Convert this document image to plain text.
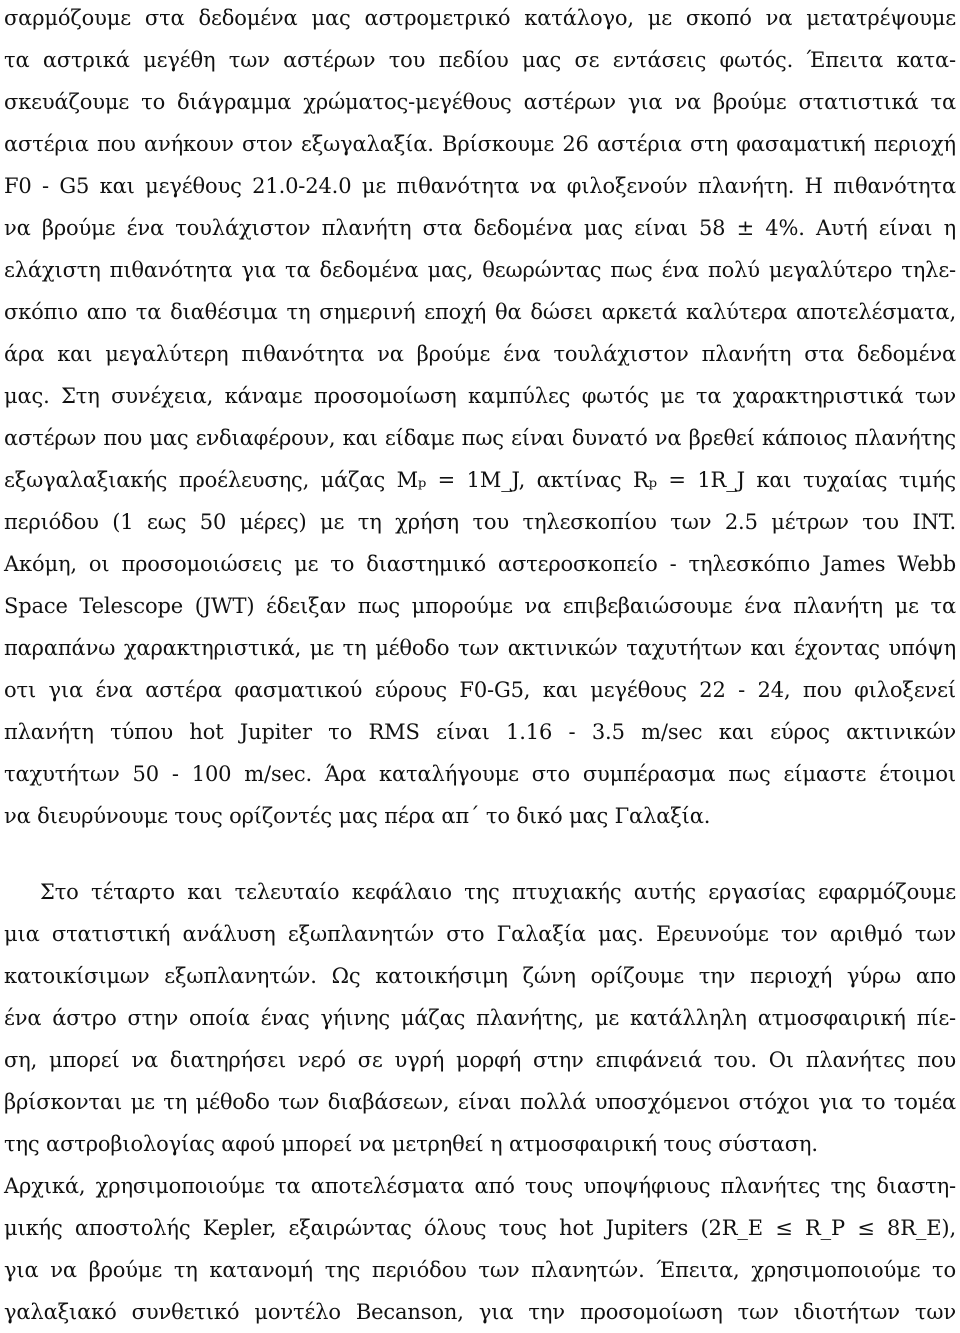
σαρμόζουμε στα δεδομένα μας αστρομετρικό κατάλογο, με σκοπό να μετατρέψουμε
τα αστρικά μεγέθη των αστέρων του πεδίου μας σε εντάσεις φωτός. Έπειτα κατα-
σκευάζουμε το διάγραμμα χρώματος-μεγέθους αστέρων για να βρούμε στατιστικά τα
αστέρια που ανήκουν στον εξωγαλαξία. Βρίσκουμε 26 αστέρια στη φασαματική περιοχή
F0 - G5 και μεγέθους 21.0-24.0 με πιθανότητα να φιλοξενούν πλανήτη. Η πιθανότητα
να βρούμε ένα τουλάχιστον πλανήτη στα δεδομένα μας είναι 58 ± 4%. Αυτή είναι η
ελάχιστη πιθανότητα για τα δεδομένα μας, θεωρώντας πως ένα πολύ μεγαλύτερο τηλε-
σκόπιο απο τα διαθέσιμα τη σημερινή εποχή θα δώσει αρκετά καλύτερα αποτελέσματα,
άρα και μεγαλύτερη πιθανότητα να βρούμε ένα τουλάχιστον πλανήτη στα δεδομένα
μας. Στη συνέχεια, κάναμε προσομοίωση καμπύλες φωτός με τα χαρακτηριστικά των
αστέρων που μας ενδιαφέρουν, και είδαμε πως είναι δυνατό να βρεθεί κάποιος πλανήτης
εξωγαλαξιακής προέλευσης, μάζας Mₚ = 1M_J, ακτίνας Rₚ = 1R_J και τυχαίας τιμής
περιόδου (1 εως 50 μέρες) με τη χρήση του τηλεσκοπίου των 2.5 μέτρων του INT.
Ακόμη, οι προσομοιώσεις με το διαστημικό αστεροσκοπείο - τηλεσκόπιο James Webb
Space Telescope (JWT) έδειξαν πως μπορούμε να επιβεβαιώσουμε ένα πλανήτη με τα
παραπάνω χαρακτηριστικά, με τη μέθοδο των ακτινικών ταχυτήτων και έχοντας υπόψη
οτι για ένα αστέρα φασματικού εύρους F0-G5, και μεγέθους 22 - 24, που φιλοξενεί
πλανήτη τύπου hot Jupiter το RMS είναι 1.16 - 3.5 m/sec και εύρος ακτινικών
ταχυτήτων 50 - 100 m/sec. Άρα καταλήγουμε στο συμπέρασμα πως είμαστε έτοιμοι
να διευρύνουμε τους ορίζοντές μας πέρα απ΄ το δικό μας Γαλαξία.
Στο τέταρτο και τελευταίο κεφάλαιο της πτυχιακής αυτής εργασίας εφαρμόζουμε
μια στατιστική ανάλυση εξωπλανητών στο Γαλαξία μας. Ερευνούμε τον αριθμό των
κατοικίσιμων εξωπλανητών. Ως κατοικήσιμη ζώνη ορίζουμε την περιοχή γύρω απο
ένα άστρο στην οποία ένας γήινης μάζας πλανήτης, με κατάλληλη ατμοσφαιρική πίε-
ση, μπορεί να διατηρήσει νερό σε υγρή μορφή στην επιφάνειά του. Οι πλανήτες που
βρίσκονται με τη μέθοδο των διαβάσεων, είναι πολλά υποσχόμενοι στόχοι για το τομέα
της αστροβιολογίας αφού μπορεί να μετρηθεί η ατμοσφαιρική τους σύσταση.
Αρχικά, χρησιμοποιούμε τα αποτελέσματα από τους υποψήφιους πλανήτες της διαστη-
μικής αποστολής Kepler, εξαιρώντας όλους τους hot Jupiters (2R_E ≤ R_P ≤ 8R_E),
για να βρούμε τη κατανομή της περιόδου των πλανητών. Έπειτα, χρησιμοποιούμε το
γαλαξιακό συνθετικό μοντέλο Becanson, για την προσομοίωση των ιδιοτήτων των
